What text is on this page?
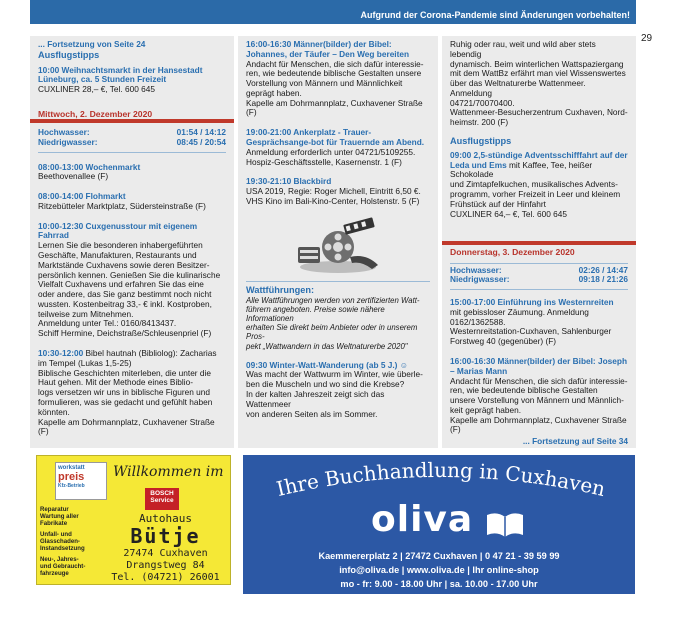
Aufgrund der Corona-Pandemie sind Änderungen vorbehalten!
29
... Fortsetzung von Seite 24
Ausflugstipps
10:00 Weihnachtsmarkt in der Hansestadt
Lüneburg, ca. 5 Stunden Freizeit
CUXLINER 28,– €, Tel. 600 645
Mittwoch, 2. Dezember 2020
Hochwasser:	01:54 / 14:12
Niedrigwasser:	08:45 / 20:54
08:00-13:00 Wochenmarkt
Beethovenallee (F)
08:00-14:00 Flohmarkt
Ritzebütteler Marktplatz, Südersteinstraße (F)
10:00-12:30 Cuxgenusstour mit eigenem Fahrrad
Lernen Sie die besonderen inhabergeführten
Geschäfte, Manufakturen, Restaurants und
Marktstände Cuxhavens sowie deren Besitzer-
persönlich kennen. Genießen Sie die kulinarische
Vielfalt Cuxhavens und erfahren Sie das eine
oder andere, das Sie ganz bestimmt noch nicht
wussten. Kostenbeitrag 33,- € inkl. Kostproben,
teilweise zum Mitnehmen.
Anmeldung unter Tel.: 0160/8413437.
Schiff Hermine, Deichstraße/Schleusenpriel (F)
10:30-12:00 Bibel hautnah (Bibliolog): Zacharias
im Tempel (Lukas 1,5-25)
Biblische Geschichten miterleben, die unter die
Haut gehen. Mit der Methode eines Biblio-
logs versetzen wir uns in biblische Figuren und
formulieren, was sie gedacht und gefühlt haben
könnten.
Kapelle am Dohrmannplatz, Cuxhavener Straße (F)
16:00-16:30 Männer(bilder) der Bibel: Johannes, der Täufer – Den Weg bereiten
Andacht für Menschen, die sich dafür interessie-
ren, wie bedeutende biblische Gestalten unsere
Vorstellung von Männern und Männlichkeit
geprägt haben.
Kapelle am Dohrmannplatz, Cuxhavener Straße (F)
19:00-21:00 Ankerplatz - Trauer-Gesprächsange-bot für Trauernde am Abend.
Anmeldung erforderlich unter 04721/5109255.
Hospiz-Geschäftsstelle, Kasernenstr. 1 (F)
19:30-21:10 Blackbird
USA 2019, Regie: Roger Michell, Eintritt 6,50 €.
VHS Kino im Bali-Kino-Center, Holstenstr. 5 (F)
Wattführungen:
Alle Wattführungen werden von zertifizierten Watt-
führern angeboten. Preise sowie nähere Informationen
erhalten Sie direkt beim Anbieter oder in unserem Pros-
pekt „Wattwandern in das Weltnaturerbe 2020"
09:30 Winter-Watt-Wanderung (ab 5 J.) ☺
Was macht der Wattwurm im Winter, wie überle-
ben die Muscheln und wo sind die Krebse?
In der kalten Jahreszeit zeigt sich das Wattenmeer
von anderen Seiten als im Sommer.
Ruhig oder rau, weit und wild aber stets lebendig
dynamisch. Beim winterlichen Wattspaziergang
mit dem WattBz erfährt man viel Wissenswertes
über das Weltnaturerbe Wattenmeer. Anmeldung
04721/7007040​0.
Wattenmeer-Besucherzentrum Cuxhaven, Nord-
heimstr. 200 (F)
Ausflugstipps
09:00 2,5-stündige Adventsschifffahrt auf der
Leda und Ems mit Kaffee, Tee, heißer Schokolade
und Zimtapfelkuchen, musikalisches Advents-
programm, vorher Freizeit in Leer und kleinem
Frühstück auf der Hinfahrt
CUXLINER 64,– €, Tel. 600 645
Donnerstag, 3. Dezember 2020
Hochwasser:	02:26 / 14:47
Niedrigwasser:	09:18 / 21:26
15:00-17:00 Einführung ins Westernreiten
mit gebissloser Zäumung. Anmeldung
0162/1362588.
Westernreitstation-Cuxhaven, Sahlenburger
Forstweg 40 (gegenüber) (F)
16:00-16:30 Männer(bilder) der Bibel: Joseph – Marias Mann
Andacht für Menschen, die sich dafür interessie-
ren, wie bedeutende biblische Gestalten
unsere Vorstellung von Männern und Männlich-
keit geprägt haben.
Kapelle am Dohrmannplatz, Cuxhavener Straße (F)
... Fortsetzung auf Seite 34
workstatt
preis
Kfz-Betrieb
Willkommen im
BOSCH
Service
Reparatur
Wartung aller
Fabrikate
Unfall- und
Glasschaden-
Instandsetzung
Neu-, Jahres-
und Gebraucht-
fahrzeuge
Autohaus
Bütje
27474 Cuxhaven
Drangstweg 84
Tel. (04721) 26001
Ihre Buchhandlung in Cuxhaven
oliva
Kaemmererplatz 2 | 27472 Cuxhaven | 0 47 21 - 39 59 99
info@oliva.de | www.oliva.de | Ihr online-shop
mo - fr: 9.00 - 18.00 Uhr | sa. 10.00 - 17.00 Uhr
